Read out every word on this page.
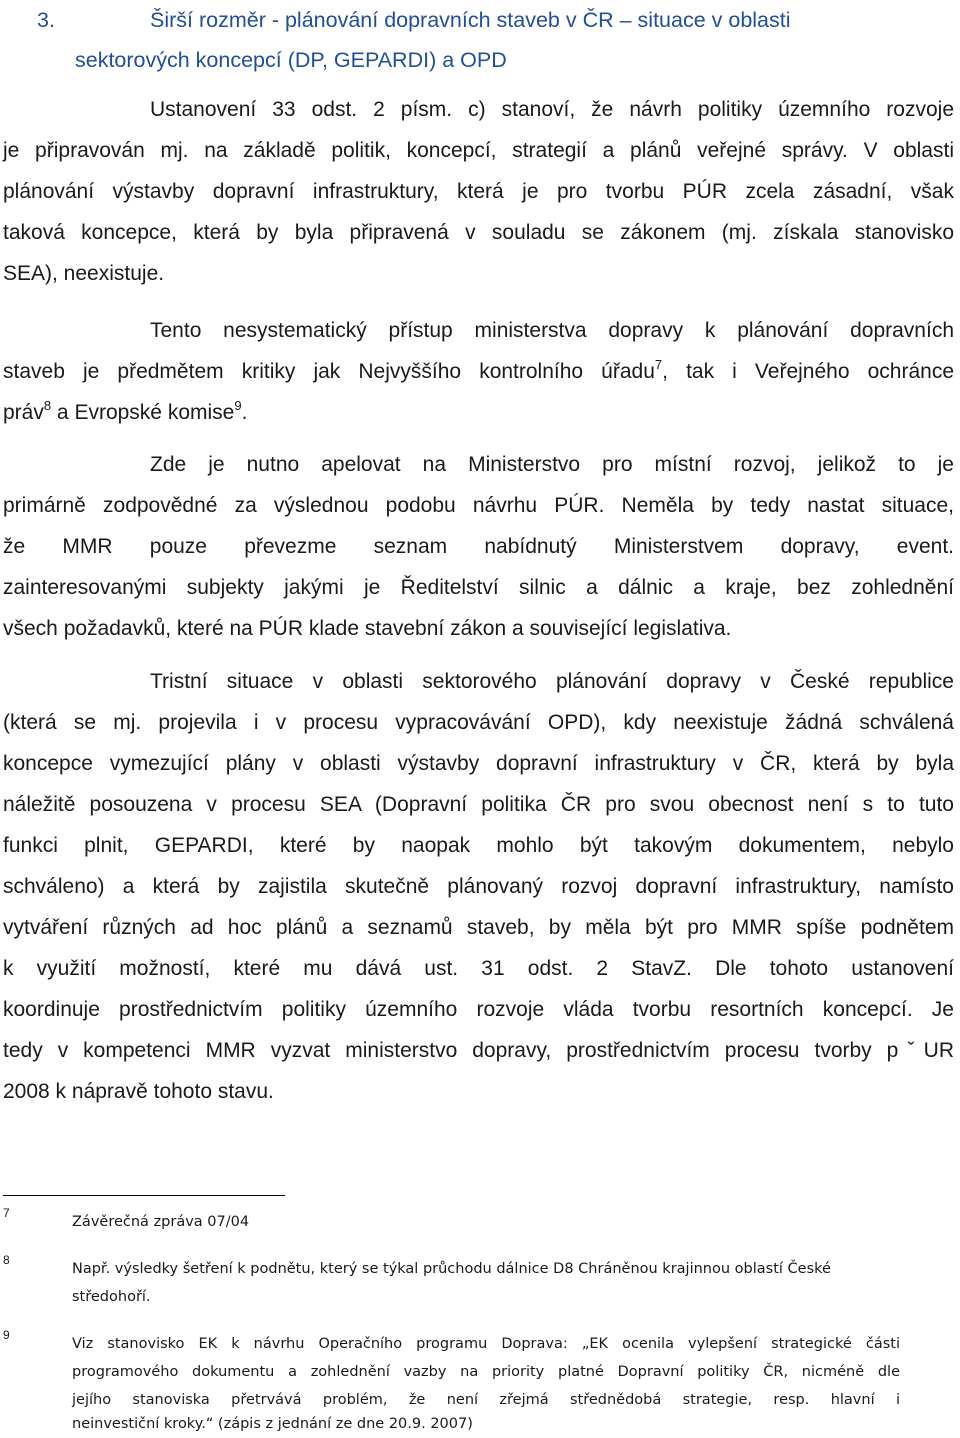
3.	Širší rozměr - plánování dopravních staveb v ČR – situace v oblasti
sektorových koncepcí (DP, GEPARDI) a OPD
Ustanovení 33 odst. 2 písm. c) stanoví, že návrh politiky územního rozvoje
je připravován mj. na základě politik, koncepcí, strategií a plánů veřejné správy. V oblasti
plánování výstavby dopravní infrastruktury, která je pro tvorbu PÚR zcela zásadní, však
taková koncepce, která by byla připravená v souladu se zákonem (mj. získala stanovisko
SEA), neexistuje.
Tento nesystematický přístup ministerstva dopravy k plánování dopravních
staveb je předmětem kritiky jak Nejvyššího kontrolního úřadu$^7$, tak i Veřejného ochránce
práv$^8$ a Evropské komise$^9$.
Zde je nutno apelovat na Ministerstvo pro místní rozvoj, jelikož to je
primárně zodpovědné za výslednou podobu návrhu PÚR. Neměla by tedy nastat situace,
že MMR pouze převezme seznam nabídnutý Ministerstvem dopravy, event.
zainteresovanými subjekty jakými je Ředitelství silnic a dálnic a kraje, bez zohlednění
všech požadavků, které na PÚR klade stavební zákon a související legislativa.
Tristní situace v oblasti sektorového plánování dopravy v České republice
(která se mj. projevila i v procesu vypracovávání OPD), kdy neexistuje žádná schválená
koncepce vymezující plány v oblasti výstavby dopravní infrastruktury v ČR, která by byla
náležitě posouzena v procesu SEA (Dopravní politika ČR pro svou obecnost není s to tuto
funkci plnit, GEPARDI, které by naopak mohlo být takovým dokumentem, nebylo
schváleno) a která by zajistila skutečně plánovaný rozvoj dopravní infrastruktury, namísto
vytváření různých ad hoc plánů a seznamů staveb, by měla být pro MMR spíše podnětem
k využití možností, které mu dává ust. 31 odst. 2 StavZ. Dle tohoto ustanovení
koordinuje prostřednictvím politiky územního rozvoje vláda tvorbu resortních koncepcí. Je
tedy v kompetenci MMR vyzvat ministerstvo dopravy, prostřednictvím procesu tvorby pˇUR
2008 k nápravě tohoto stavu.
7
Závěrečná zpráva 07/04
8
Např. výsledky šetření k podnětu, který se týkal průchodu dálnice D8 Chráněnou krajinnou oblastí České
středohoří.
9
Viz stanovisko EK k návrhu Operačního programu Doprava: „EK ocenila vylepšení strategické části
programového dokumentu a zohlednění vazby na priority platné Dopravní politiky ČR, nicméně dle
jejího stanoviska přetrvává problém, že není zřejmá střednědobá strategie, resp. hlavní i
neinvestiční kroky.“ (zápis z jednání ze dne 20.9. 2007)
